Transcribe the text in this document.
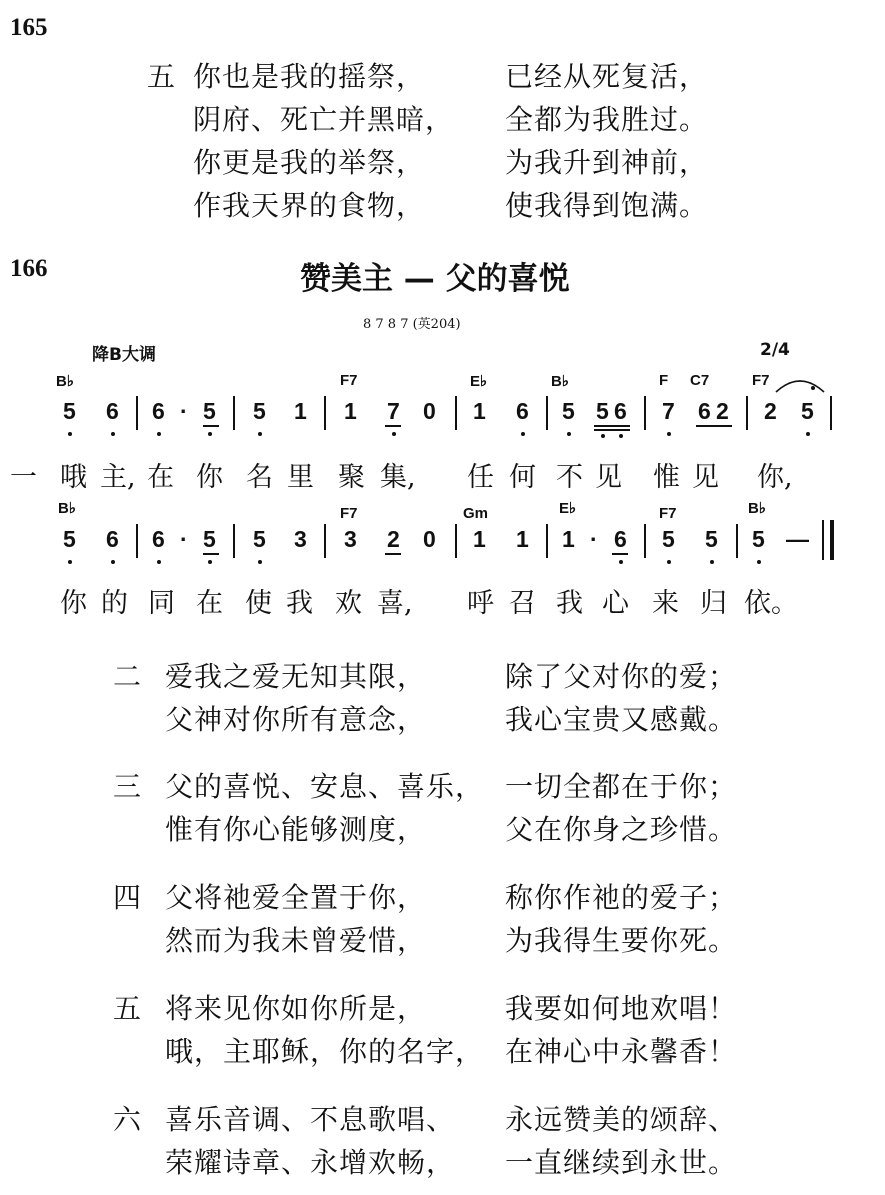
165
五 你也是我的摇祭，	已经从死复活，
阴府、死亡并黑暗， 全都为我胜过。
你更是我的举祭，	为我升到神前，
作我天界的食物，	使我得到饱满。
166	赞美主 — 父的喜悦
8 7 8 7 (英204)
降B大调	2/4
B♭	F7	E♭	B♭	F C7	F7
5 6 6 · 5 5 1 1 7 0 1 6 5 5 6 7 6 2 2 5
一 哦 主, 在 你 名 里 聚 集, 任 何 不 见 惟 见 你,
B♭	F7	Gm	E♭	F7	B♭
5 6 6 · 5 5 3 3 2 0 1 1 1 · 6 5 5 5 —
你 的 同 在 使 我 欢 喜, 呼 召 我 心 来 归 依。
二 爱我之爱无知其限，	除了父对你的爱；
父神对你所有意念，	我心宝贵又感戴。
三 父的喜悦、安息、喜乐， 一切全都在于你；
惟有你心能够测度，	父在你身之珍惜。
四 父将祂爱全置于你，	称你作祂的爱子；
然而为我未曾爱惜，	为我得生要你死。
五 将来见你如你所是，	我要如何地欢唱！
哦，主耶稣，你的名字， 在神心中永馨香！
六 喜乐音调、不息歌唱、 永远赞美的颂辞、
荣耀诗章、永增欢畅， 一直继续到永世。
